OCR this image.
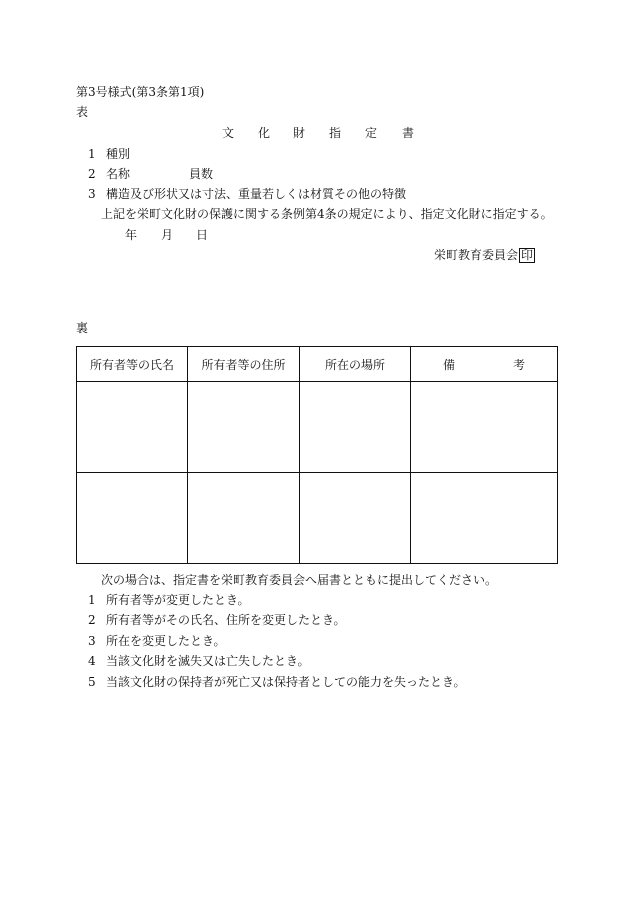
第3号様式(第3条第1項)
表
文 化 財 指 定 書
1 種別
2 名称	員数
3 構造及び形状又は寸法、重量若しくは材質その他の特徴
上記を栄町文化財の保護に関する条例第4条の規定により、指定文化財に指定する。
年 月 日
栄町教育委員会 印
裏
所有者等の氏名	所有者等の住所	所在の場所	備 考

次の場合は、指定書を栄町教育委員会へ届書とともに提出してください。
1 所有者等が変更したとき。
2 所有者等がその氏名、住所を変更したとき。
3 所在を変更したとき。
4 当該文化財を滅失又は亡失したとき。
5 当該文化財の保持者が死亡又は保持者としての能力を失ったとき。
